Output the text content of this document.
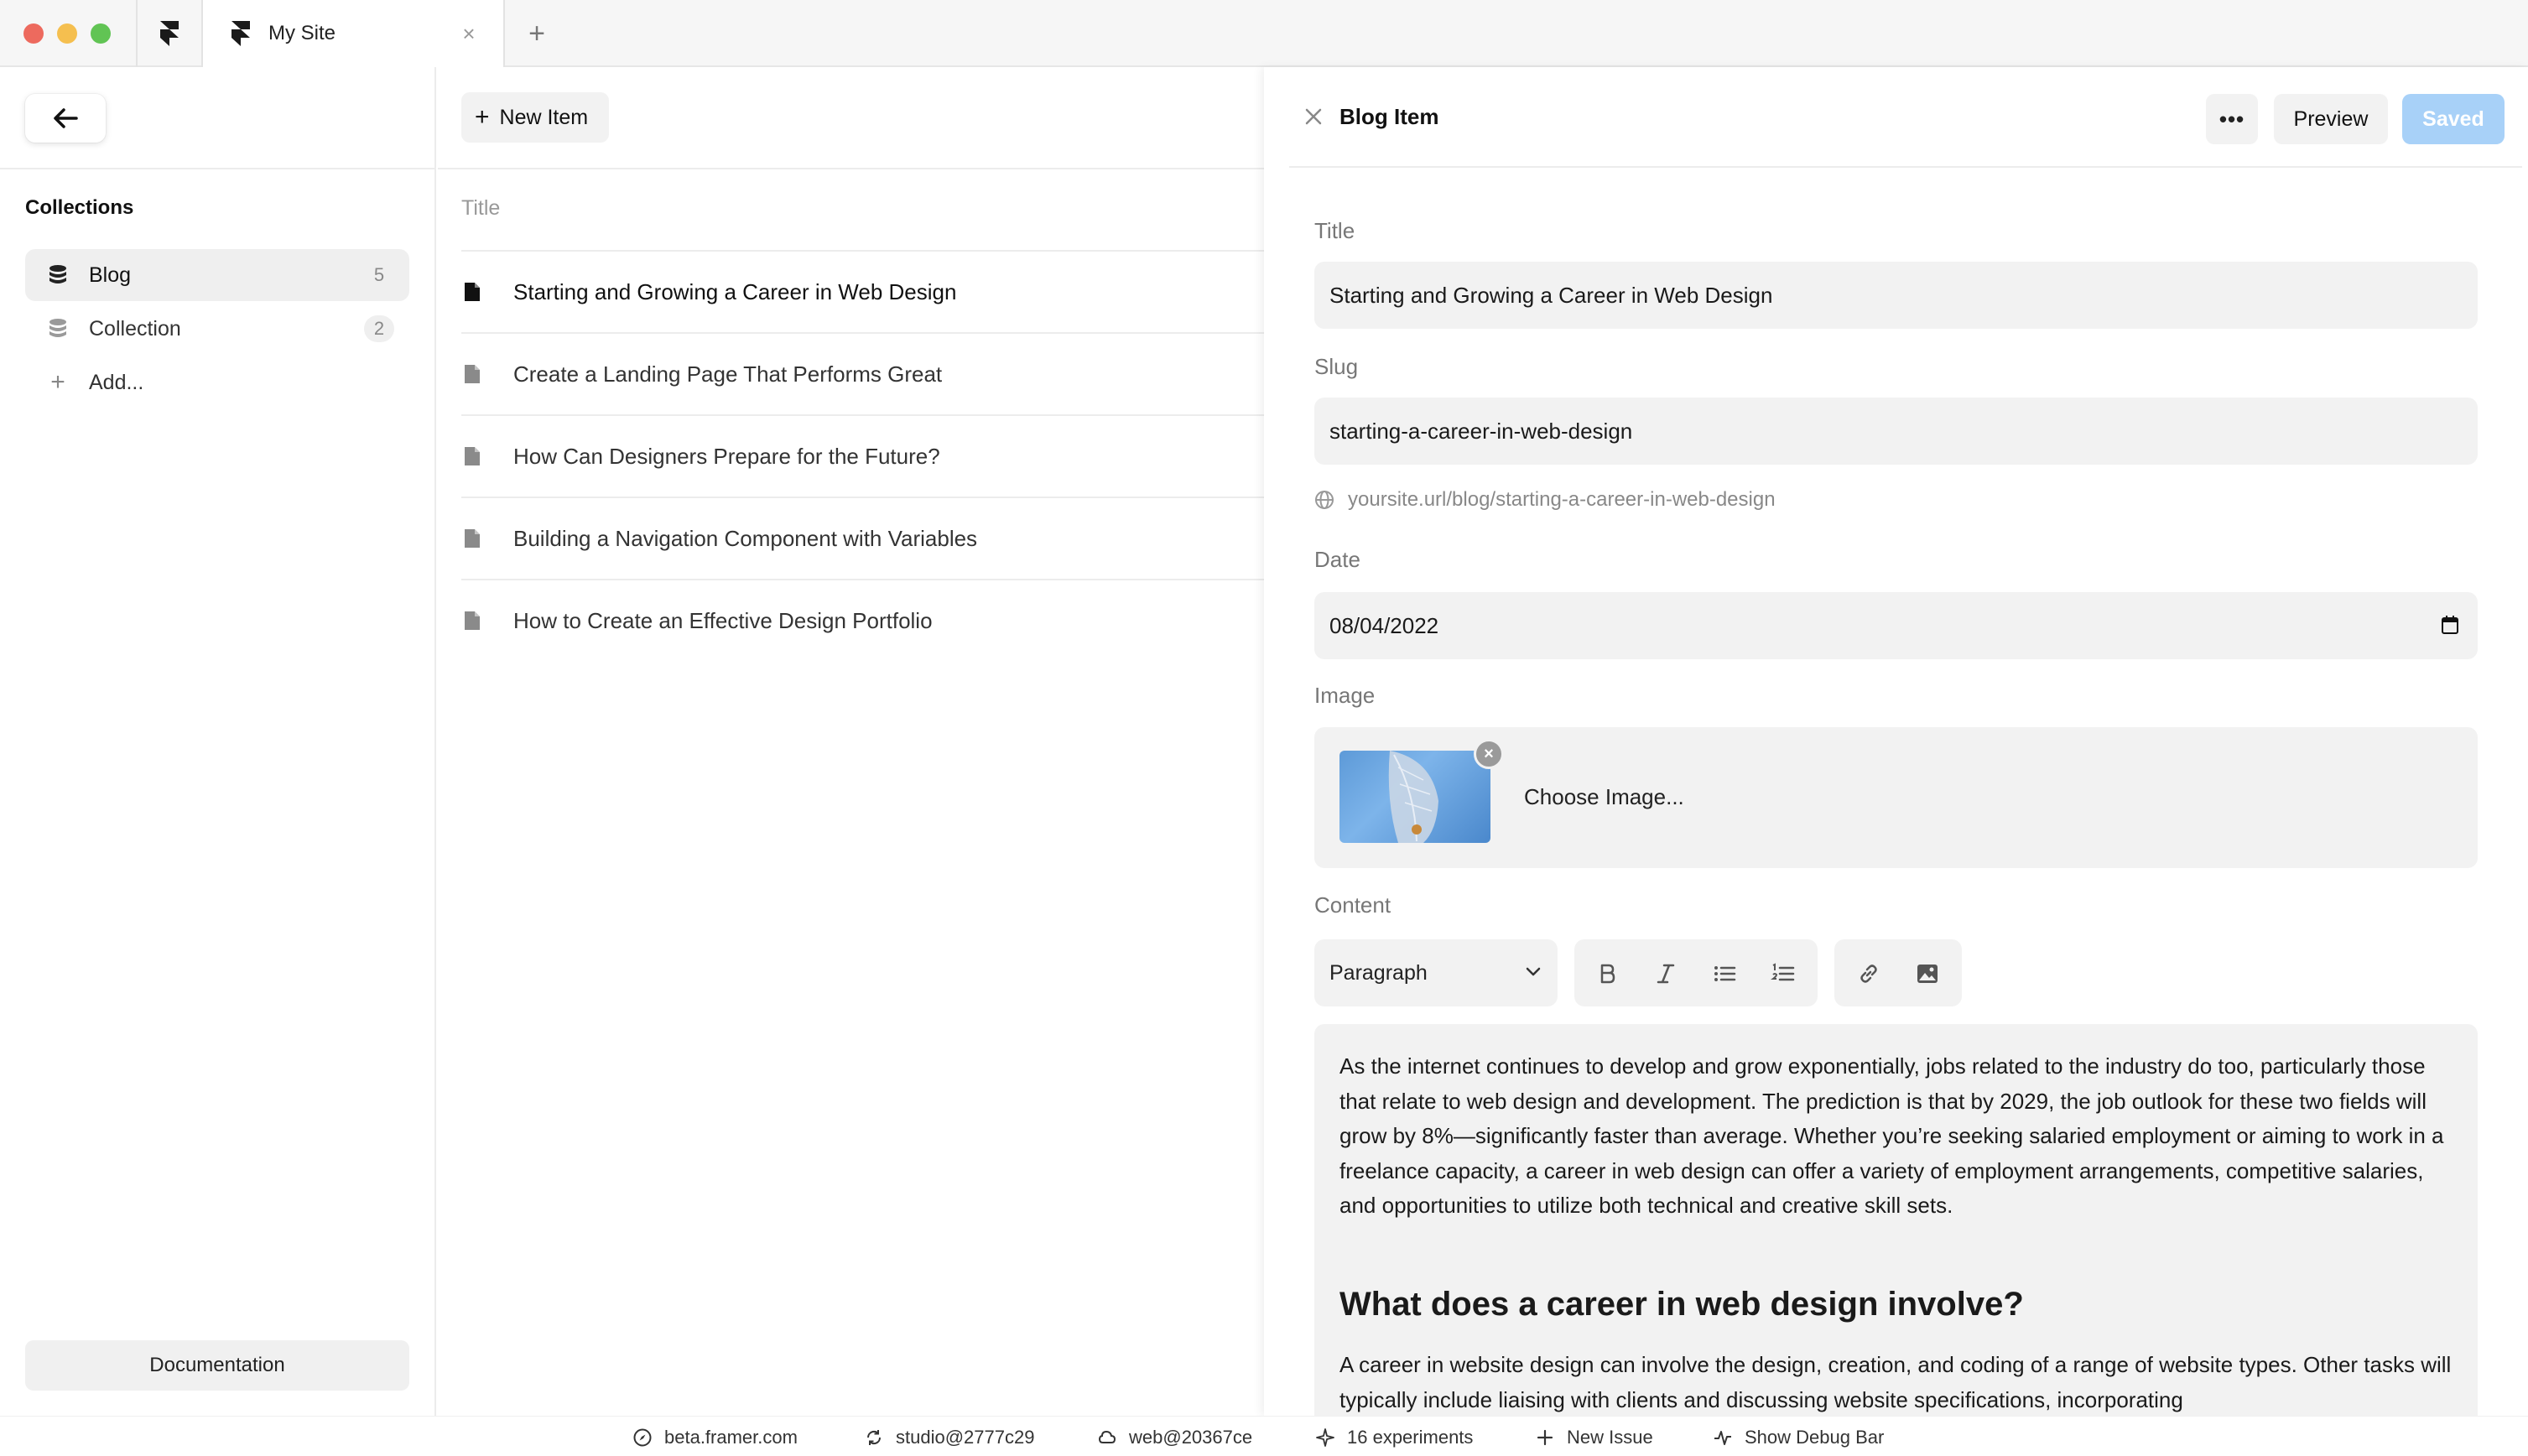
My Site	× +
Collections
Blog	5
Collection	2
+ Add...
Documentation
+ New Item
Title
Starting and Growing a Career in Web Design
Create a Landing Page That Performs Great
How Can Designers Prepare for the Future?
Building a Navigation Component with Variables
How to Create an Effective Design Portfolio
Blog Item	•••	Preview	Saved
Title
Starting and Growing a Career in Web Design
Slug
starting-a-career-in-web-design
yoursite.url/blog/starting-a-career-in-web-design
Date
08/04/2022
Image
×
Choose Image...
Content
Paragraph

As the internet continues to develop and grow exponentially, jobs related to the industry do too, particularly those that relate to web design and development. The prediction is that by 2029, the job outlook for these two fields will grow by 8%—significantly faster than average. Whether you’re seeking salaried employment or aiming to work in a freelance capacity, a career in web design can offer a variety of employment arrangements, competitive salaries, and opportunities to utilize both technical and creative skill sets.

What does a career in web design involve?

A career in website design can involve the design, creation, and coding of a range of website types. Other tasks will typically include liaising with clients and discussing website specifications, incorporating

beta.framer.com	studio@2777c29	web@20367ce	16 experiments	New Issue	Show Debug Bar
